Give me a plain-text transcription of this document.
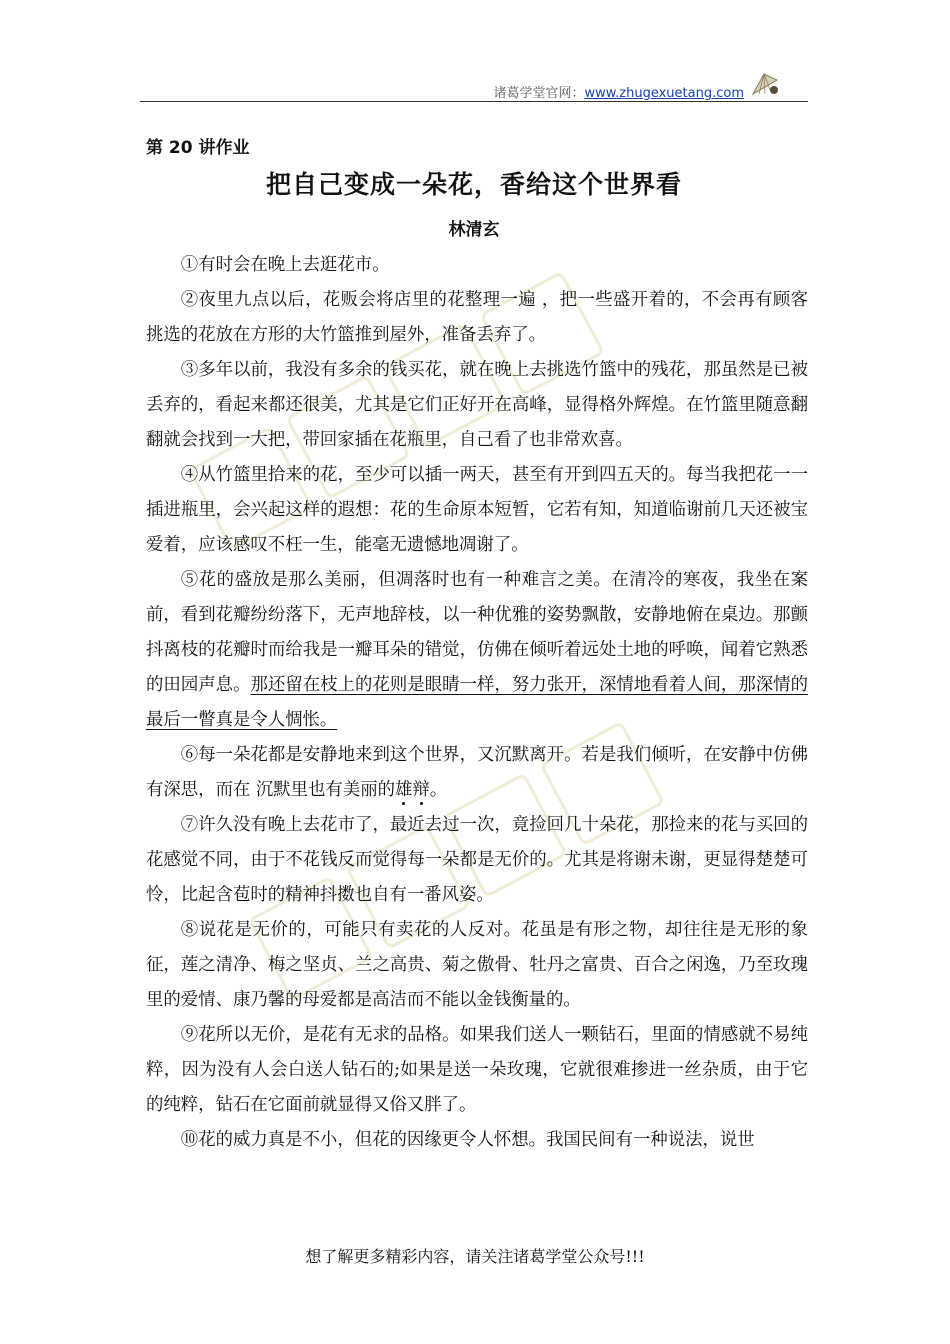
诸葛学堂官网：www.zhugexuetang.com
第 20 讲作业
把自己变成一朵花，香给这个世界看
林清玄

①有时会在晚上去逛花市。

②夜里九点以后，花贩会将店里的花整理一遍 ，把一些盛开着的，不会再有顾客挑选的花放在方形的大竹篮推到屋外，准备丢弃了。

③多年以前，我没有多余的钱买花，就在晚上去挑选竹篮中的残花，那虽然是已被丢弃的，看起来都还很美，尤其是它们正好开在高峰，显得格外辉煌。在竹篮里随意翻翻就会找到一大把，带回家插在花瓶里，自己看了也非常欢喜。

④从竹篮里拾来的花，至少可以插一两天，甚至有开到四五天的。每当我把花一一插进瓶里，会兴起这样的遐想：花的生命原本短暂，它若有知，知道临谢前几天还被宝爱着，应该感叹不枉一生，能毫无遗憾地凋谢了。

⑤花的盛放是那么美丽，但凋落时也有一种难言之美。在清冷的寒夜，我坐在案前，看到花瓣纷纷落下，无声地辞枝，以一种优雅的姿势飘散，安静地俯在桌边。那颤抖离枝的花瓣时而给我是一瓣耳朵的错觉，仿佛在倾听着远处土地的呼唤，闻着它熟悉的田园声息。那还留在枝上的花则是眼睛一样，努力张开，深情地看着人间，那深情的最后一瞥真是令人惆怅。

⑥每一朵花都是安静地来到这个世界，又沉默离开。若是我们倾听，在安静中仿佛有深思，而在 沉默里也有美丽的雄辩。

⑦许久没有晚上去花市了，最近去过一次，竟捡回几十朵花，那捡来的花与买回的花感觉不同，由于不花钱反而觉得每一朵都是无价的。尤其是将谢未谢，更显得楚楚可怜，比起含苞时的精神抖擞也自有一番风姿。

⑧说花是无价的，可能只有卖花的人反对。花虽是有形之物，却往往是无形的象征，莲之清净、梅之坚贞、兰之高贵、菊之傲骨、牡丹之富贵、百合之闲逸，乃至玫瑰里的爱情、康乃馨的母爱都是高洁而不能以金钱衡量的。

⑨花所以无价，是花有无求的品格。如果我们送人一颗钻石，里面的情感就不易纯粹，因为没有人会白送人钻石的;如果是送一朵玫瑰，它就很难掺进一丝杂质，由于它的纯粹，钻石在它面前就显得又俗又胖了。

⑩花的威力真是不小，但花的因缘更令人怀想。我国民间有一种说法，说世

想了解更多精彩内容，请关注诸葛学堂公众号!!!
